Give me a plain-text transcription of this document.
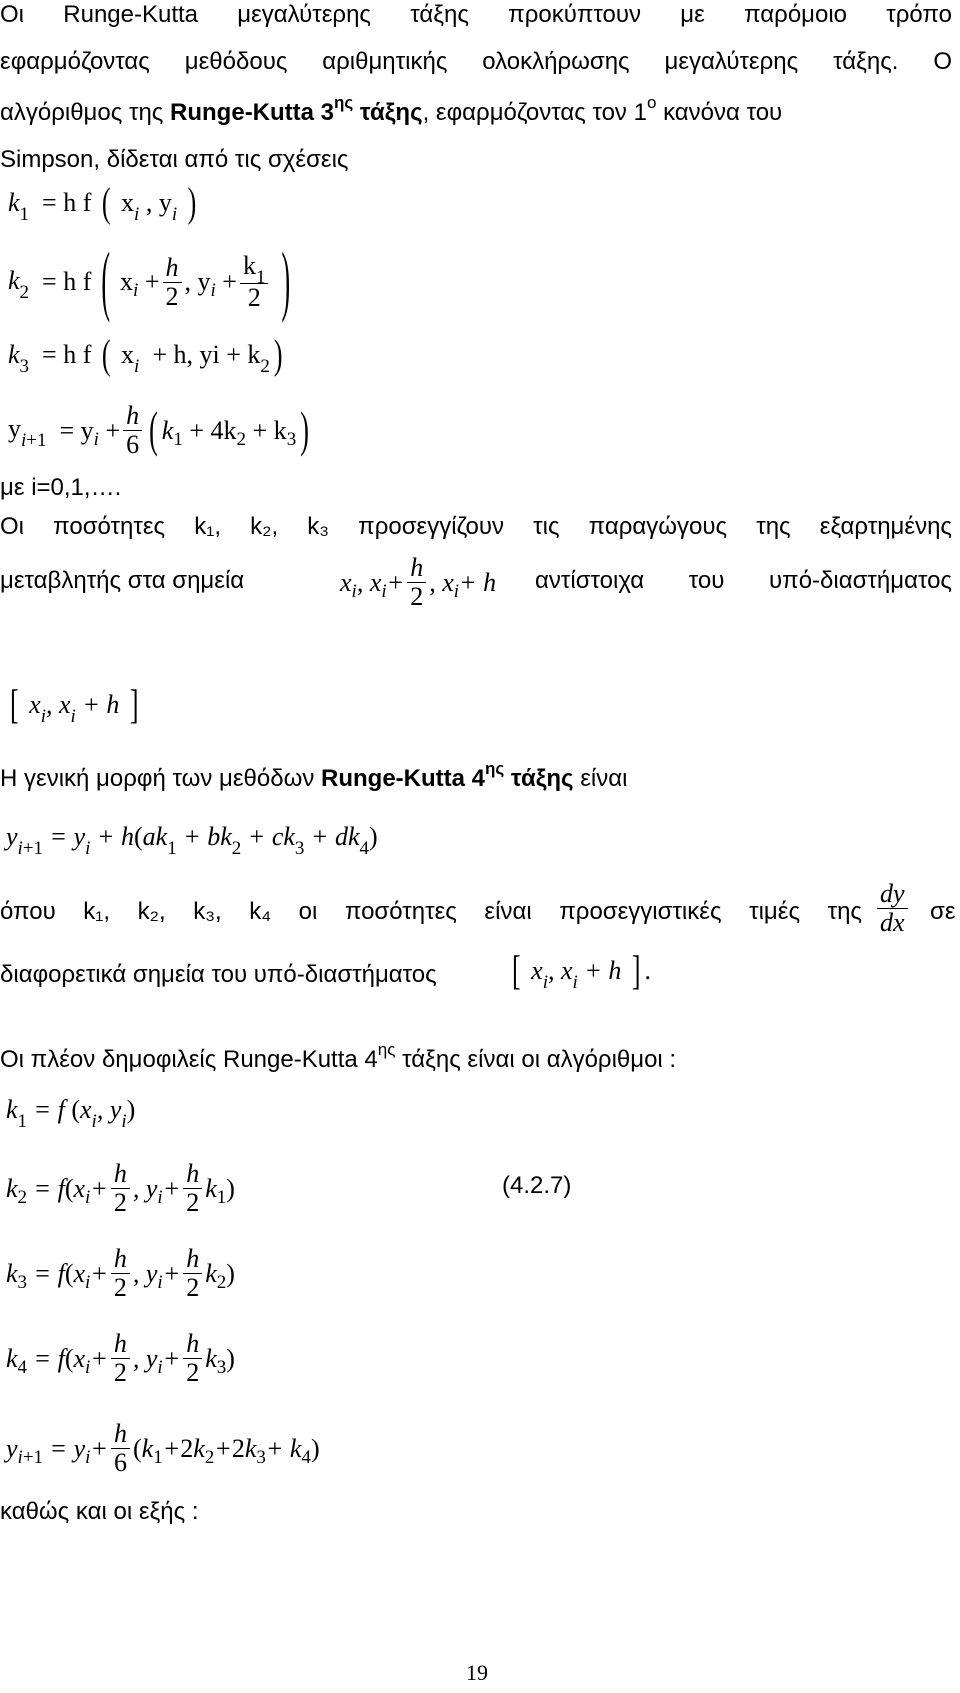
Οι Runge-Kutta μεγαλύτερης τάξης προκύπτουν με παρόμοιο τρόπο
εφαρμόζοντας μεθόδους αριθμητικής ολοκλήρωσης μεγαλύτερης τάξης. Ο
αλγόριθμος της Runge-Kutta $3^{\eta\varsigma}$ τάξης, εφαρμόζοντας τον $1^o$ κανόνα του
Simpson, δίδεται από τις σχέσεις
$k_1 = h$ f ( $x_i$ , $y_i$ )
$k_2 = h$ f ( x $i + \frac{h}{2}$ , y $i + \frac{k_1}{2}$ )
$k_3 = h$ f ( $x_i + h$, yi + $k_2$ )
$y_{i+1} = y$ $i + \frac{h}{6}$ ( k 1 + 4k 2 + k 3 )
με i=0,1,….
Οι ποσότητες k₁, k₂, k₃ προσεγγίζουν τις παραγώγους της εξαρτημένης
μεταβλητής στα σημεία	x i , x $i + \frac{h}{2}$ , x i + h αντίστοιχα του υπό-διαστήματος
[ $x_i$, $x_i + h$ ]
Η γενική μορφή των μεθόδων Runge-Kutta $4^{\eta\varsigma}$ τάξης είναι
$y_{i+1} = y_i + h(ak_1 + bk_2 + ck_3 + dk_4)$
όπου k₁, k₂, k₃, k₄ οι ποσότητες είναι προσεγγιστικές τιμές της $\frac{dy}{dx}$ σε
διαφορετικά σημεία του υπό-διαστήματος	[ $x_i$, $x_i + h$ ] .
Οι πλέον δημοφιλείς Runge-Kutta $4^{\eta\varsigma}$ τάξης είναι οι αλγόριθμοι :
$k_1 = f$ ($x_i$, $y_i$)
k 2 = f ( x $i + \frac{h}{2}$ , y $i + \frac{h}{2}$ k 1 )	(4.2.7)
k 3 = f ( x $i + \frac{h}{2}$ , y $i + \frac{h}{2}$ k 2 )
k 4 = f ( x $i + \frac{h}{2}$ , y $i + \frac{h}{2}$ k 3 )
y i+1 = y $i + \frac{h}{6}$ ( k 1 + 2 k 2 + 2 k 3 + k 4 )
καθώς και οι εξής :
19
